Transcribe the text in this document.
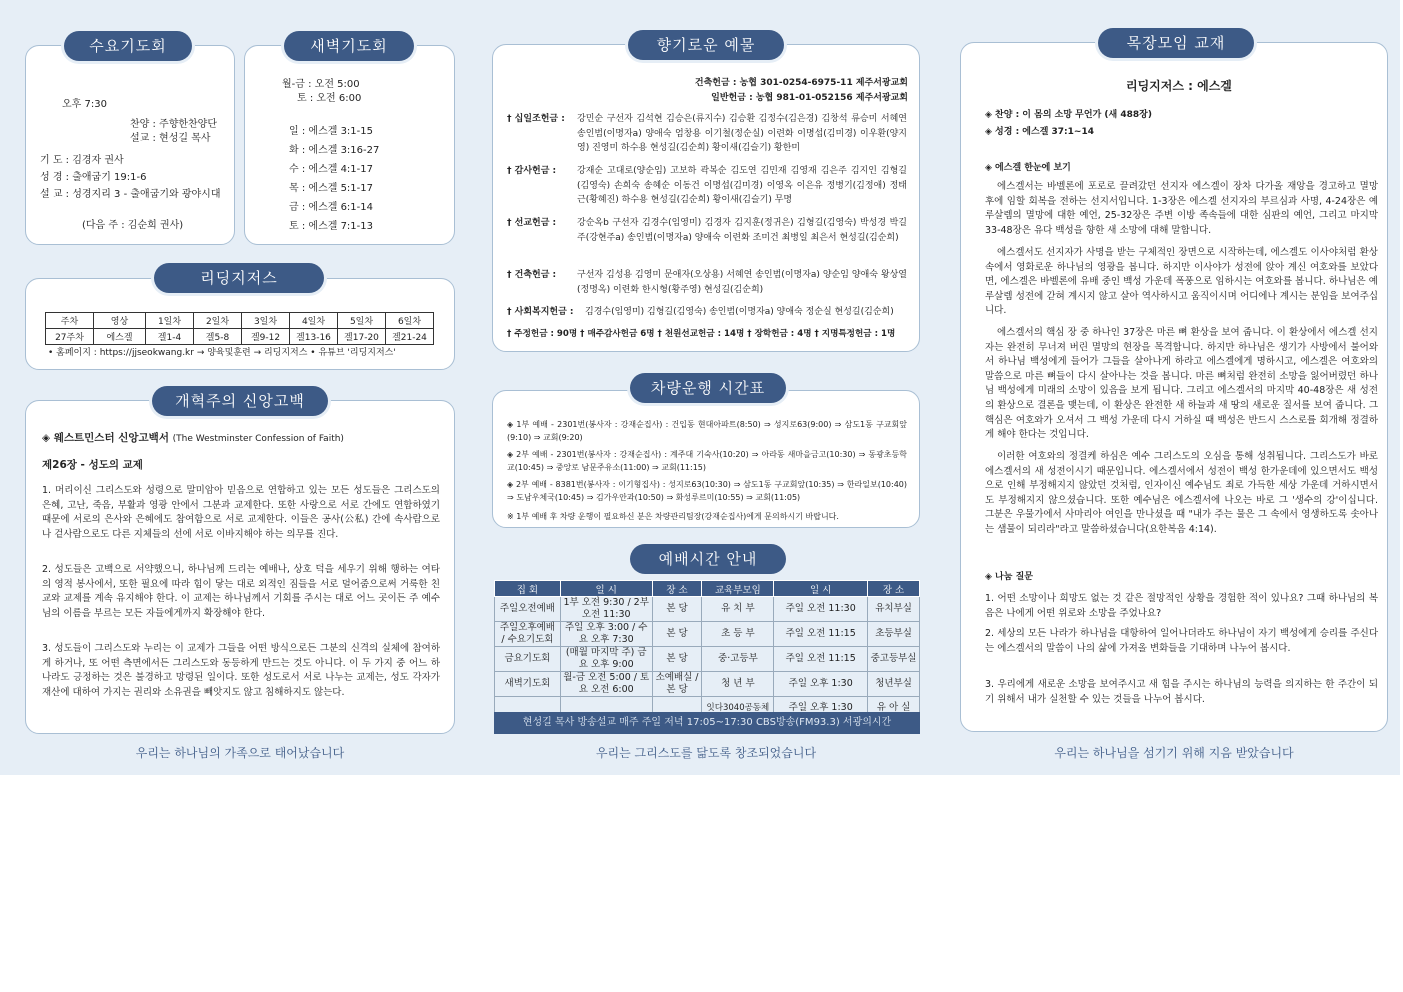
수요기도회
오후 7:30
찬양 : 주향한찬양단
설교 : 현성길 목사
기 도 : 김경자 권사
성 경 : 출애굽기 19:1-6
설 교 : 성경지리 3 - 출애굽기와 광야시대
(다음 주 : 김순희 권사)
새벽기도회
월-금 : 오전 5:00
토 : 오전 6:00
일 : 에스겔 3:1-15
화 : 에스겔 3:16-27
수 : 에스겔 4:1-17
목 : 에스겔 5:1-17
금 : 에스겔 6:1-14
토 : 에스겔 7:1-13
리딩지저스
주차	영상	1일차	2일차	3일차	4일차	5일차	6일차
27주차	에스겔	겔1-4	겔5-8	겔9-12	겔13-16	겔17-20	겔21-24
• 홈페이지 : https://jjseokwang.kr → 양육및훈련 → 리딩지저스 • 유튜브 '리딩지저스'
개혁주의 신앙고백
◈ 웨스트민스터 신앙고백서 (The Westminster Confession of Faith)
제26장 - 성도의 교제
1. 머리이신 그리스도와 성령으로 말미암아 믿음으로 연합하고 있는 모든 성도들은 그리스도의 은혜, 고난, 죽음, 부활과 영광 안에서 그분과 교제한다. 또한 사랑으로 서로 간에도 연합하였기 때문에 서로의 은사와 은혜에도 참여함으로 서로 교제한다. 이들은 공사(公私) 간에 속사람으로나 겉사람으로도 다른 지체들의 선에 서로 이바지해야 하는 의무를 진다.
2. 성도들은 고백으로 서약했으니, 하나님께 드리는 예배나, 상호 덕을 세우기 위해 행하는 여타의 영적 봉사에서, 또한 필요에 따라 힘이 닿는 대로 외적인 짐들을 서로 덜어줌으로써 거룩한 친교와 교제를 계속 유지해야 한다. 이 교제는 하나님께서 기회를 주시는 대로 어느 곳이든 주 예수님의 이름을 부르는 모든 자들에게까지 확장해야 한다.
3. 성도들이 그리스도와 누리는 이 교제가 그들을 어떤 방식으로든 그분의 신격의 실체에 참여하게 하거나, 또 어떤 측면에서든 그리스도와 동등하게 만드는 것도 아니다. 이 두 가지 중 어느 하나라도 긍정하는 것은 불경하고 망령된 일이다. 또한 성도로서 서로 나누는 교제는, 성도 각자가 재산에 대하여 가지는 권리와 소유권을 빼앗지도 않고 침해하지도 않는다.
향기로운 예물
건축헌금 : 농협 301-0254-6975-11 제주서광교회
일반헌금 : 농협 981-01-052156 제주서광교회
† 십일조헌금 : 강민순 구선자 김석현 김승은(류지수) 김승환 김정수(김은경) 김창석 류승미 서혜연 송인범(이명자a) 양애숙 엄창용 이기철(정순실) 이련화 이명섭(김미경) 이우환(양지영) 진영미 하수용 현성길(김순희) 황이새(김슬기) 황한미
† 감사헌금 : 강재순 고대로(양순임) 고보하 곽복순 김도연 김민재 김영재 김은주 김지인 김형길(김영숙) 손희숙 송혜순 이동건 이명섭(김미경) 이영옥 이은유 정병기(김정애) 정태근(황혜진) 하수용 현성길(김순희) 황이새(김슬기) 무명
† 선교헌금 : 강순옥b 구선자 김경수(임영미) 김경자 김지훈(정귀은) 김형길(김영숙) 박성경 박길주(강현주a) 송인범(이명자a) 양애숙 이련화 조미건 최병일 최은서 현성길(김순희)
† 건축헌금 : 구선자 김성용 김영미 문애자(오상용) 서혜연 송인범(이명자a) 양순임 양애숙 왕상열(정명옥) 이련화 한시형(황주영) 현성길(김순희)
† 사회복지헌금 : 김경수(임영미) 김형길(김영숙) 송인범(이명자a) 양애숙 정순실 현성길(김순희)
† 주정헌금 : 90명 † 매주감사헌금 6명 † 천원선교헌금 : 14명 † 장학헌금 : 4명 † 지명특정헌금 : 1명
차량운행 시간표
◈ 1부 예배 - 2301번(봉사자 : 강재순집사) : 건입동 현대아파트(8:50) ⇒ 성지로63(9:00) ⇒ 삼도1동 구교회앞(9:10) ⇒ 교회(9:20)
◈ 2부 예배 - 2301번(봉사자 : 강재순집사) : 계주대 기숙사(10:20) ⇒ 아라동 새마을금고(10:30) ⇒ 동광초등학교(10:45) ⇒ 중앙로 남문주유소(11:00) ⇒ 교회(11:15)
◈ 2부 예배 - 8381번(봉사자 : 이기형집사) : 성지로63(10:30) ⇒ 삼도1동 구교회앞(10:35) ⇒ 한라일보(10:40) ⇒ 도남우체국(10:45) ⇒ 김가우안과(10:50) ⇒ 화성루르미(10:55) ⇒ 교회(11:05)
※ 1부 예배 후 차량 운행이 필요하신 분은 차량관리팀장(강재순집사)에게 문의하시기 바랍니다.
예배시간 안내
집 회	일 시	장 소	교육부모임	일 시	장 소
주일오전예배	1부 오전 9:30 / 2부 오전 11:30	본 당	유 치 부	주일 오전 11:30	유치부실
주일오후예배 / 수요기도회	주일 오후 3:00 / 수요 오후 7:30	본 당	초 등 부	주일 오전 11:15	초등부실
금요기도회	(매월 마지막 주) 금요 오후 9:00	본 당	중·고등부	주일 오전 11:15	중고등부실
새벽기도회	월-금 오전 5:00 / 토요 오전 6:00	소예배실 / 본 당	청 년 부	주일 오후 1:30	청년부실
			잇다3040공동체	주일 오후 1:30	유 아 실
현성길 목사 방송설교 매주 주일 저녁 17:05~17:30 CBS방송(FM93.3) 서광의시간
목장모임 교재
리딩지저스 : 에스겔
◈ 찬양 : 이 몸의 소망 무언가 (새 488장)
◈ 성경 : 에스겔 37:1~14
◈ 에스겔 한눈에 보기
에스겔서는 바벨론에 포로로 끌려갔던 선지자 에스겔이 장차 다가올 재앙을 경고하고 멸망 후에 임할 회복을 전하는 선지서입니다. 1-3장은 에스겔 선지자의 부르심과 사명, 4-24장은 예루살렘의 멸망에 대한 예언, 25-32장은 주변 이방 족속들에 대한 심판의 예언, 그리고 마지막 33-48장은 유다 백성을 향한 새 소망에 대해 말합니다.
에스겔서도 선지자가 사명을 받는 구체적인 장면으로 시작하는데, 에스겔도 이사야처럼 환상 속에서 영화로운 하나님의 영광을 봅니다. 하지만 이사야가 성전에 앉아 계신 여호와를 보았다면, 에스겔은 바벨론에 유배 중인 백성 가운데 폭풍으로 임하시는 여호와를 봅니다. 하나님은 예루살렘 성전에 갇혀 계시지 않고 살아 역사하시고 움직이시며 어디에나 계시는 분임을 보여주십니다.
에스겔서의 핵심 장 중 하나인 37장은 마른 뼈 환상을 보여 줍니다. 이 환상에서 에스겔 선지자는 완전히 무너져 버린 멸망의 현장을 목격합니다. 하지만 하나님은 생기가 사방에서 불어와서 하나님 백성에게 들어가 그들을 살아나게 하라고 에스겔에게 명하시고, 에스겔은 여호와의 말씀으로 마른 뼈들이 다시 살아나는 것을 봅니다. 마른 뼈처럼 완전히 소망을 잃어버렸던 하나님 백성에게 미래의 소망이 있음을 보게 됩니다. 그리고 에스겔서의 마지막 40-48장은 새 성전의 환상으로 결론을 맺는데, 이 환상은 완전한 새 하늘과 새 땅의 새로운 질서를 보여 줍니다. 그 핵심은 여호와가 오셔서 그 백성 가운데 다시 거하실 때 백성은 반드시 스스로를 회개해 정결하게 해야 한다는 것입니다.
이러한 여호와의 정결케 하심은 예수 그리스도의 오심을 통해 성취됩니다. 그리스도가 바로 에스겔서의 새 성전이시기 때문입니다. 에스겔서에서 성전이 백성 한가운데에 있으면서도 백성으로 인해 부정해지지 않았던 것처럼, 인자이신 예수님도 죄로 가득한 세상 가운데 거하시면서도 부정해지지 않으셨습니다. 또한 예수님은 에스겔서에 나오는 바로 그 '생수의 강'이십니다. 그분은 우물가에서 사마리아 여인을 만나셨을 때 "내가 주는 물은 그 속에서 영생하도록 솟아나는 샘물이 되리라"라고 말씀하셨습니다(요한복음 4:14).
◈ 나눔 질문
1. 어떤 소망이나 희망도 없는 것 같은 절망적인 상황을 경험한 적이 있나요? 그때 하나님의 복음은 나에게 어떤 위로와 소망을 주었나요?
2. 세상의 모든 나라가 하나님을 대항하여 일어나더라도 하나님이 자기 백성에게 승리를 주신다는 에스겔서의 말씀이 나의 삶에 가져올 변화들을 기대하며 나누어 봅시다.
3. 우리에게 새로운 소망을 보여주시고 새 힘을 주시는 하나님의 능력을 의지하는 한 주간이 되기 위해서 내가 실천할 수 있는 것들을 나누어 봅시다.
우리는 하나님의 가족으로 태어났습니다	우리는 그리스도를 닮도록 창조되었습니다	우리는 하나님을 섬기기 위해 지음 받았습니다
